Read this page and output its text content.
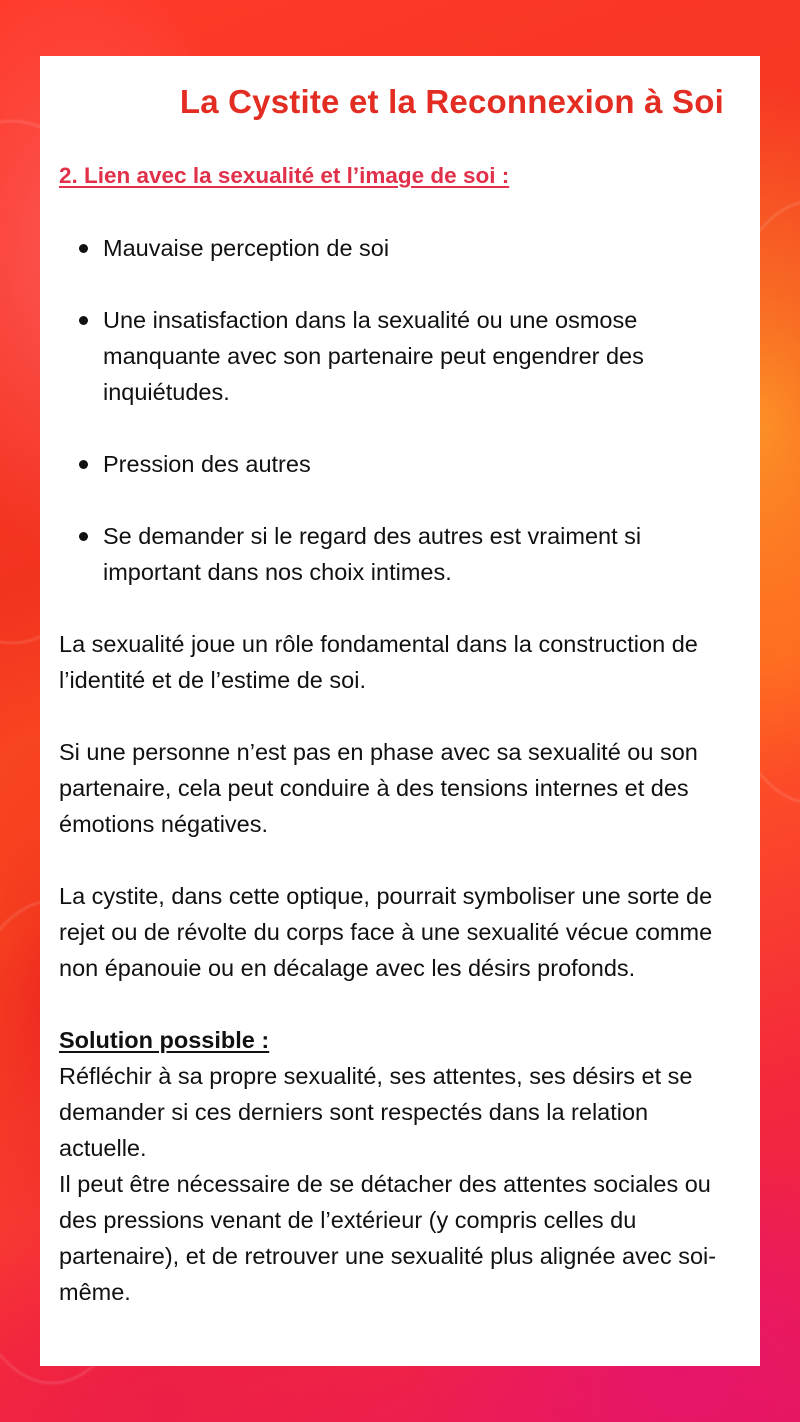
La Cystite et la Reconnexion à Soi
2. Lien avec la sexualité et l’image de soi :
Mauvaise perception de soi
Une insatisfaction dans la sexualité ou une osmose manquante avec son partenaire peut engendrer des inquiétudes.
Pression des autres
Se demander si le regard des autres est vraiment si important dans nos choix intimes.

La sexualité joue un rôle fondamental dans la construction de l’identité et de l’estime de soi.

Si une personne n’est pas en phase avec sa sexualité ou son partenaire, cela peut conduire à des tensions internes et des émotions négatives.

La cystite, dans cette optique, pourrait symboliser une sorte de rejet ou de révolte du corps face à une sexualité vécue comme non épanouie ou en décalage avec les désirs profonds.

Solution possible :

Réfléchir à sa propre sexualité, ses attentes, ses désirs et se demander si ces derniers sont respectés dans la relation actuelle.

Il peut être nécessaire de se détacher des attentes sociales ou des pressions venant de l’extérieur (y compris celles du partenaire), et de retrouver une sexualité plus alignée avec soi-même.
